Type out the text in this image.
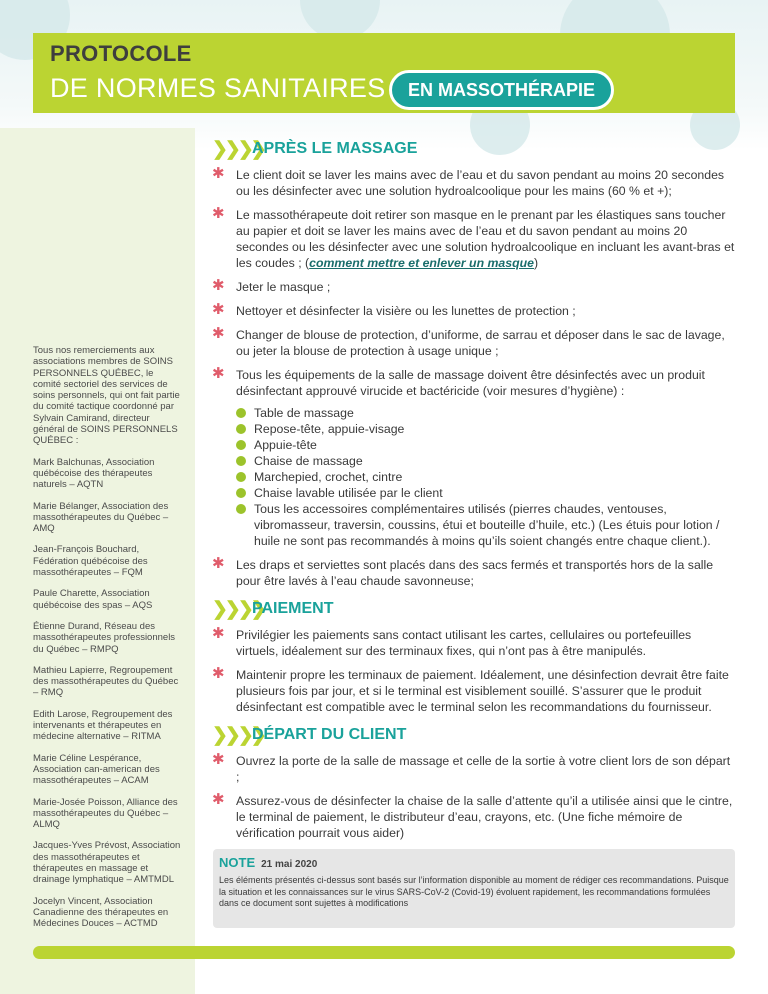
PROTOCOLE
DE NORMES SANITAIRES	EN MASSOTHÉRAPIE

Tous nos remerciements aux associations membres de SOINS PERSONNELS QUÉBEC, le comité sectoriel des services de soins personnels, qui ont fait partie du comité tactique coordonné par Sylvain Camirand, directeur général de SOINS PERSONNELS QUÉBEC :

Mark Balchunas, Association québécoise des thérapeutes naturels – AQTN

Marie Bélanger, Association des massothérapeutes du Québec – AMQ

Jean-François Bouchard, Fédération québécoise des massothérapeutes – FQM

Paule Charette, Association québécoise des spas – AQS

Étienne Durand, Réseau des massothérapeutes professionnels du Québec – RMPQ

Mathieu Lapierre, Regroupement des massothérapeutes du Québec – RMQ

Edith Larose, Regroupement des intervenants et thérapeutes en médecine alternative – RITMA

Marie Céline Lespérance, Association can-american des massothérapeutes – ACAM

Marie-Josée Poisson, Alliance des massothérapeutes du Québec – ALMQ

Jacques-Yves Prévost, Association des massothérapeutes et thérapeutes en massage et drainage lymphatique – AMTMDL

Jocelyn Vincent, Association Canadienne des thérapeutes en Médecines Douces – ACTMD

❯❯❯❯
APRÈS LE MASSAGE
✱ Le client doit se laver les mains avec de l’eau et du savon pendant au moins 20 secondes ou les désinfecter avec une solution hydroalcoolique pour les mains (60 % et +);
✱ Le massothérapeute doit retirer son masque en le prenant par les élastiques sans toucher au papier et doit se laver les mains avec de l’eau et du savon pendant au moins 20 secondes ou les désinfecter avec une solution hydroalcoolique en incluant les avant-bras et les coudes ; (comment mettre et enlever un masque)
✱ Jeter le masque ;
✱ Nettoyer et désinfecter la visière ou les lunettes de protection ;
✱ Changer de blouse de protection, d’uniforme, de sarrau et déposer dans le sac de lavage, ou jeter la blouse de protection à usage unique ;
✱ Tous les équipements de la salle de massage doivent être désinfectés avec un produit désinfectant approuvé virucide et bactéricide (voir mesures d’hygiène) :
Table de massage
Repose-tête, appuie-visage
Appuie-tête
Chaise de massage
Marchepied, crochet, cintre
Chaise lavable utilisée par le client
Tous les accessoires complémentaires utilisés (pierres chaudes, ventouses, vibromasseur, traversin, coussins, étui et bouteille d’huile, etc.) (Les étuis pour lotion / huile ne sont pas recommandés à moins qu’ils soient changés entre chaque client.).
✱ Les draps et serviettes sont placés dans des sacs fermés et transportés hors de la salle pour être lavés à l’eau chaude savonneuse;
❯❯❯❯
PAIEMENT
✱ Privilégier les paiements sans contact utilisant les cartes, cellulaires ou portefeuilles virtuels, idéalement sur des terminaux fixes, qui n’ont pas à être manipulés.
✱ Maintenir propre les terminaux de paiement. Idéalement, une désinfection devrait être faite plusieurs fois par jour, et si le terminal est visiblement souillé. S’assurer que le produit désinfectant est compatible avec le terminal selon les recommandations du fournisseur.
❯❯❯❯
DÉPART DU CLIENT
✱ Ouvrez la porte de la salle de massage et celle de la sortie à votre client lors de son départ ;
✱ Assurez-vous de désinfecter la chaise de la salle d’attente qu’il a utilisée ainsi que le cintre, le terminal de paiement, le distributeur d’eau, crayons, etc. (Une fiche mémoire de vérification pourrait vous aider)
NOTE 21 mai 2020
Les éléments présentés ci-dessus sont basés sur l’information disponible au moment de rédiger ces recommandations. Puisque la situation et les connaissances sur le virus SARS-CoV-2 (Covid-19) évoluent rapidement, les recommandations formulées dans ce document sont sujettes à modifications
